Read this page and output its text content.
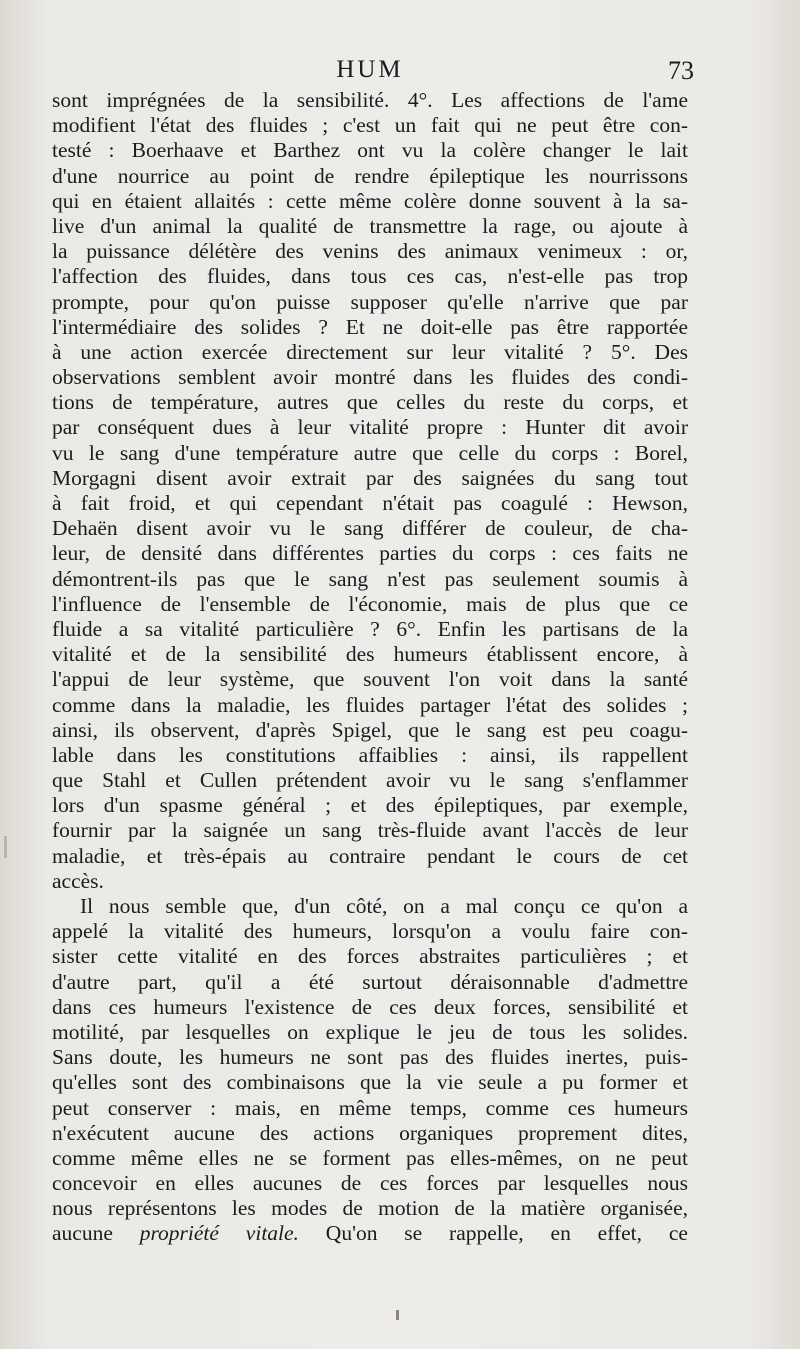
HUM	73
sont imprégnées de la sensibilité. 4°. Les affections de l'ame
modifient l'état des fluides ; c'est un fait qui ne peut être con-
testé : Boerhaave et Barthez ont vu la colère changer le lait
d'une nourrice au point de rendre épileptique les nourrissons
qui en étaient allaités : cette même colère donne souvent à la sa-
live d'un animal la qualité de transmettre la rage, ou ajoute à
la puissance délétère des venins des animaux venimeux : or,
l'affection des fluides, dans tous ces cas, n'est-elle pas trop
prompte, pour qu'on puisse supposer qu'elle n'arrive que par
l'intermédiaire des solides ? Et ne doit-elle pas être rapportée
à une action exercée directement sur leur vitalité ? 5°. Des
observations semblent avoir montré dans les fluides des condi-
tions de température, autres que celles du reste du corps, et
par conséquent dues à leur vitalité propre : Hunter dit avoir
vu le sang d'une température autre que celle du corps : Borel,
Morgagni disent avoir extrait par des saignées du sang tout
à fait froid, et qui cependant n'était pas coagulé : Hewson,
Dehaën disent avoir vu le sang différer de couleur, de cha-
leur, de densité dans différentes parties du corps : ces faits ne
démontrent-ils pas que le sang n'est pas seulement soumis à
l'influence de l'ensemble de l'économie, mais de plus que ce
fluide a sa vitalité particulière ? 6°. Enfin les partisans de la
vitalité et de la sensibilité des humeurs établissent encore, à
l'appui de leur système, que souvent l'on voit dans la santé
comme dans la maladie, les fluides partager l'état des solides ;
ainsi, ils observent, d'après Spigel, que le sang est peu coagu-
lable dans les constitutions affaiblies : ainsi, ils rappellent
que Stahl et Cullen prétendent avoir vu le sang s'enflammer
lors d'un spasme général ; et des épileptiques, par exemple,
fournir par la saignée un sang très-fluide avant l'accès de leur
maladie, et très-épais au contraire pendant le cours de cet
accès.
Il nous semble que, d'un côté, on a mal conçu ce qu'on a
appelé la vitalité des humeurs, lorsqu'on a voulu faire con-
sister cette vitalité en des forces abstraites particulières ; et
d'autre part, qu'il a été surtout déraisonnable d'admettre
dans ces humeurs l'existence de ces deux forces, sensibilité et
motilité, par lesquelles on explique le jeu de tous les solides.
Sans doute, les humeurs ne sont pas des fluides inertes, puis-
qu'elles sont des combinaisons que la vie seule a pu former et
peut conserver : mais, en même temps, comme ces humeurs
n'exécutent aucune des actions organiques proprement dites,
comme même elles ne se forment pas elles-mêmes, on ne peut
concevoir en elles aucunes de ces forces par lesquelles nous
nous représentons les modes de motion de la matière organisée,
aucune propriété vitale. Qu'on se rappelle, en effet, ce
